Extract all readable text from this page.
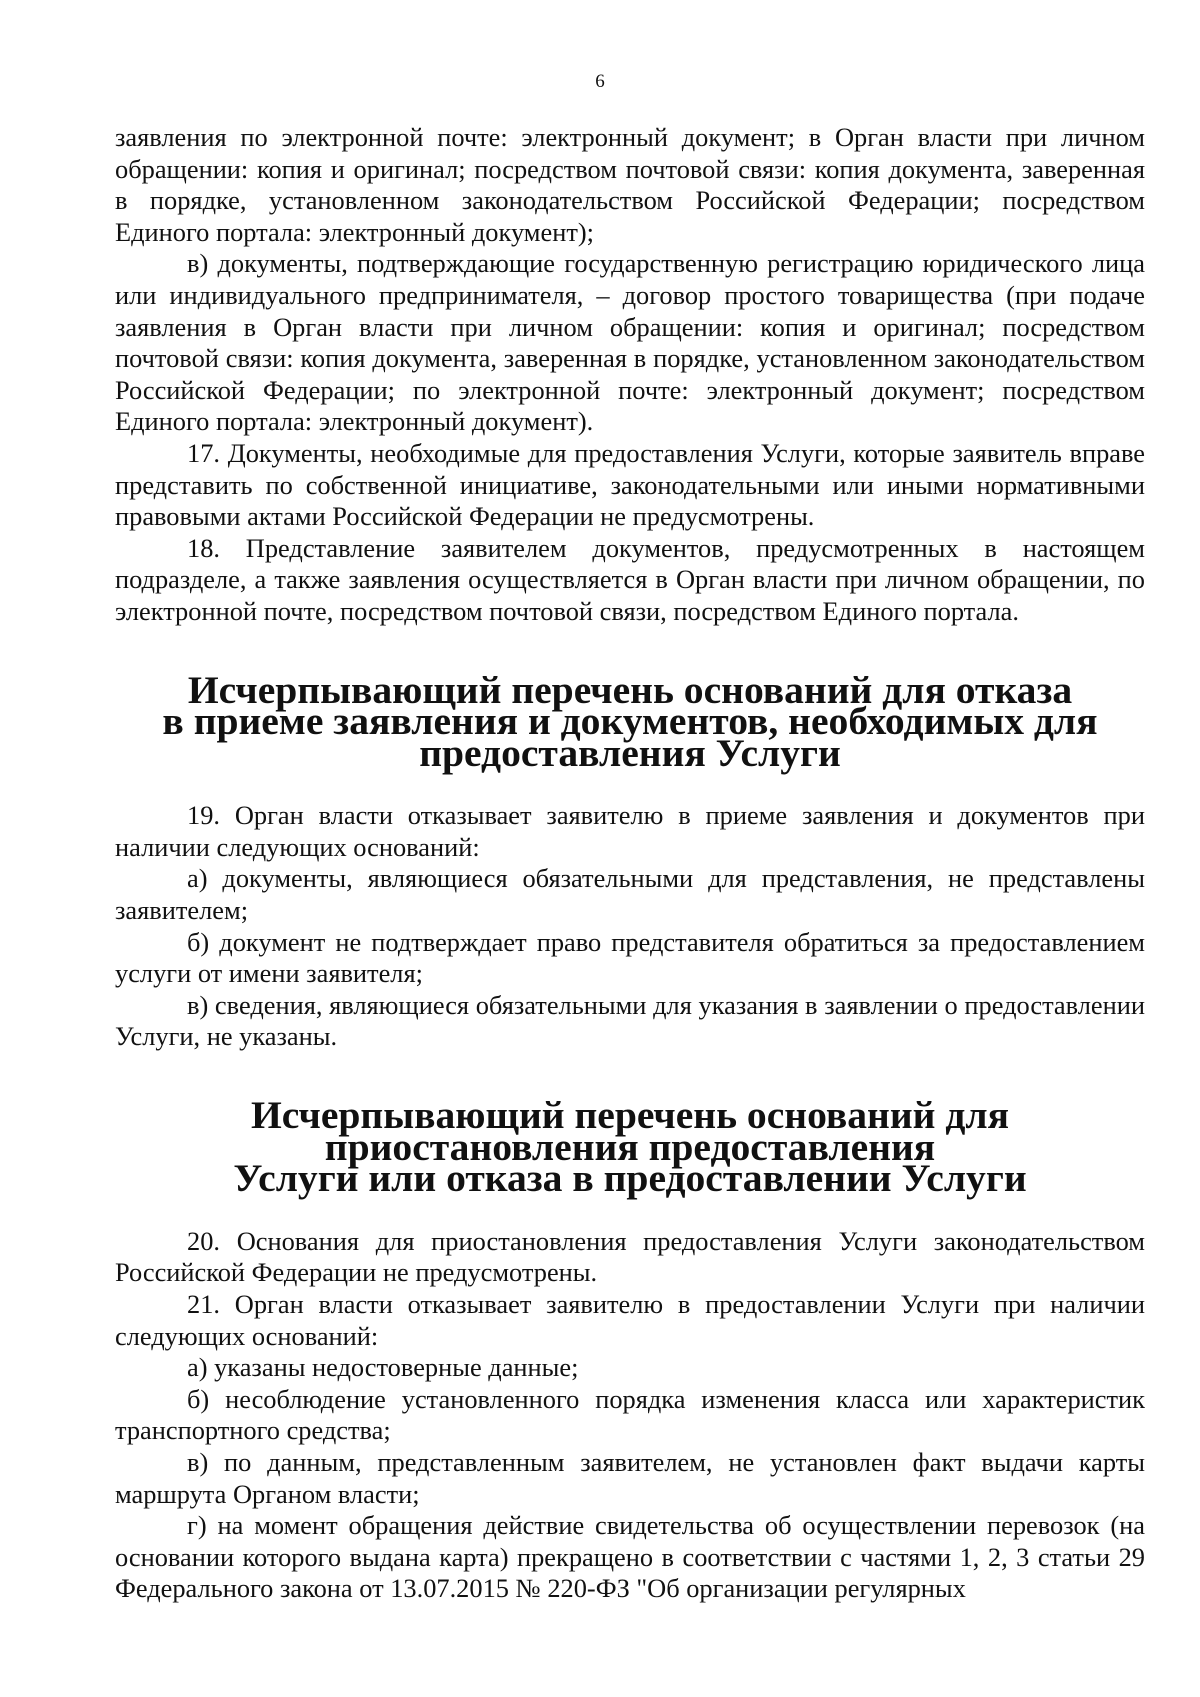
6

заявления по электронной почте: электронный документ; в Орган власти при личном обращении: копия и оригинал; посредством почтовой связи: копия документа, заверенная в порядке, установленном законодательством Российской Федерации; посредством Единого портала: электронный документ);

в) документы, подтверждающие государственную регистрацию юридического лица или индивидуального предпринимателя, – договор простого товарищества (при подаче заявления в Орган власти при личном обращении: копия и оригинал; посредством почтовой связи: копия документа, заверенная в порядке, установленном законодательством Российской Федерации; по электронной почте: электронный документ; посредством Единого портала: электронный документ).

17. Документы, необходимые для предоставления Услуги, которые заявитель вправе представить по собственной инициативе, законодательными или иными нормативными правовыми актами Российской Федерации не предусмотрены.

18. Представление заявителем документов, предусмотренных в настоящем подразделе, а также заявления осуществляется в Орган власти при личном обращении, по электронной почте, посредством почтовой связи, посредством Единого портала.

Исчерпывающий перечень оснований для отказа
в приеме заявления и документов, необходимых для предоставления Услуги

19. Орган власти отказывает заявителю в приеме заявления и документов при наличии следующих оснований:

а) документы, являющиеся обязательными для представления, не представлены заявителем;

б) документ не подтверждает право представителя обратиться за предоставлением услуги от имени заявителя;

в) сведения, являющиеся обязательными для указания в заявлении о предоставлении Услуги, не указаны.

Исчерпывающий перечень оснований для приостановления предоставления
Услуги или отказа в предоставлении Услуги

20. Основания для приостановления предоставления Услуги законодательством Российской Федерации не предусмотрены.

21. Орган власти отказывает заявителю в предоставлении Услуги при наличии следующих оснований:

а) указаны недостоверные данные;

б) несоблюдение установленного порядка изменения класса или характеристик транспортного средства;

в) по данным, представленным заявителем, не установлен факт выдачи карты маршрута Органом власти;

г) на момент обращения действие свидетельства об осуществлении перевозок (на основании которого выдана карта) прекращено в соответствии с частями 1, 2, 3 статьи 29 Федерального закона от 13.07.2015 № 220-ФЗ "Об организации регулярных
